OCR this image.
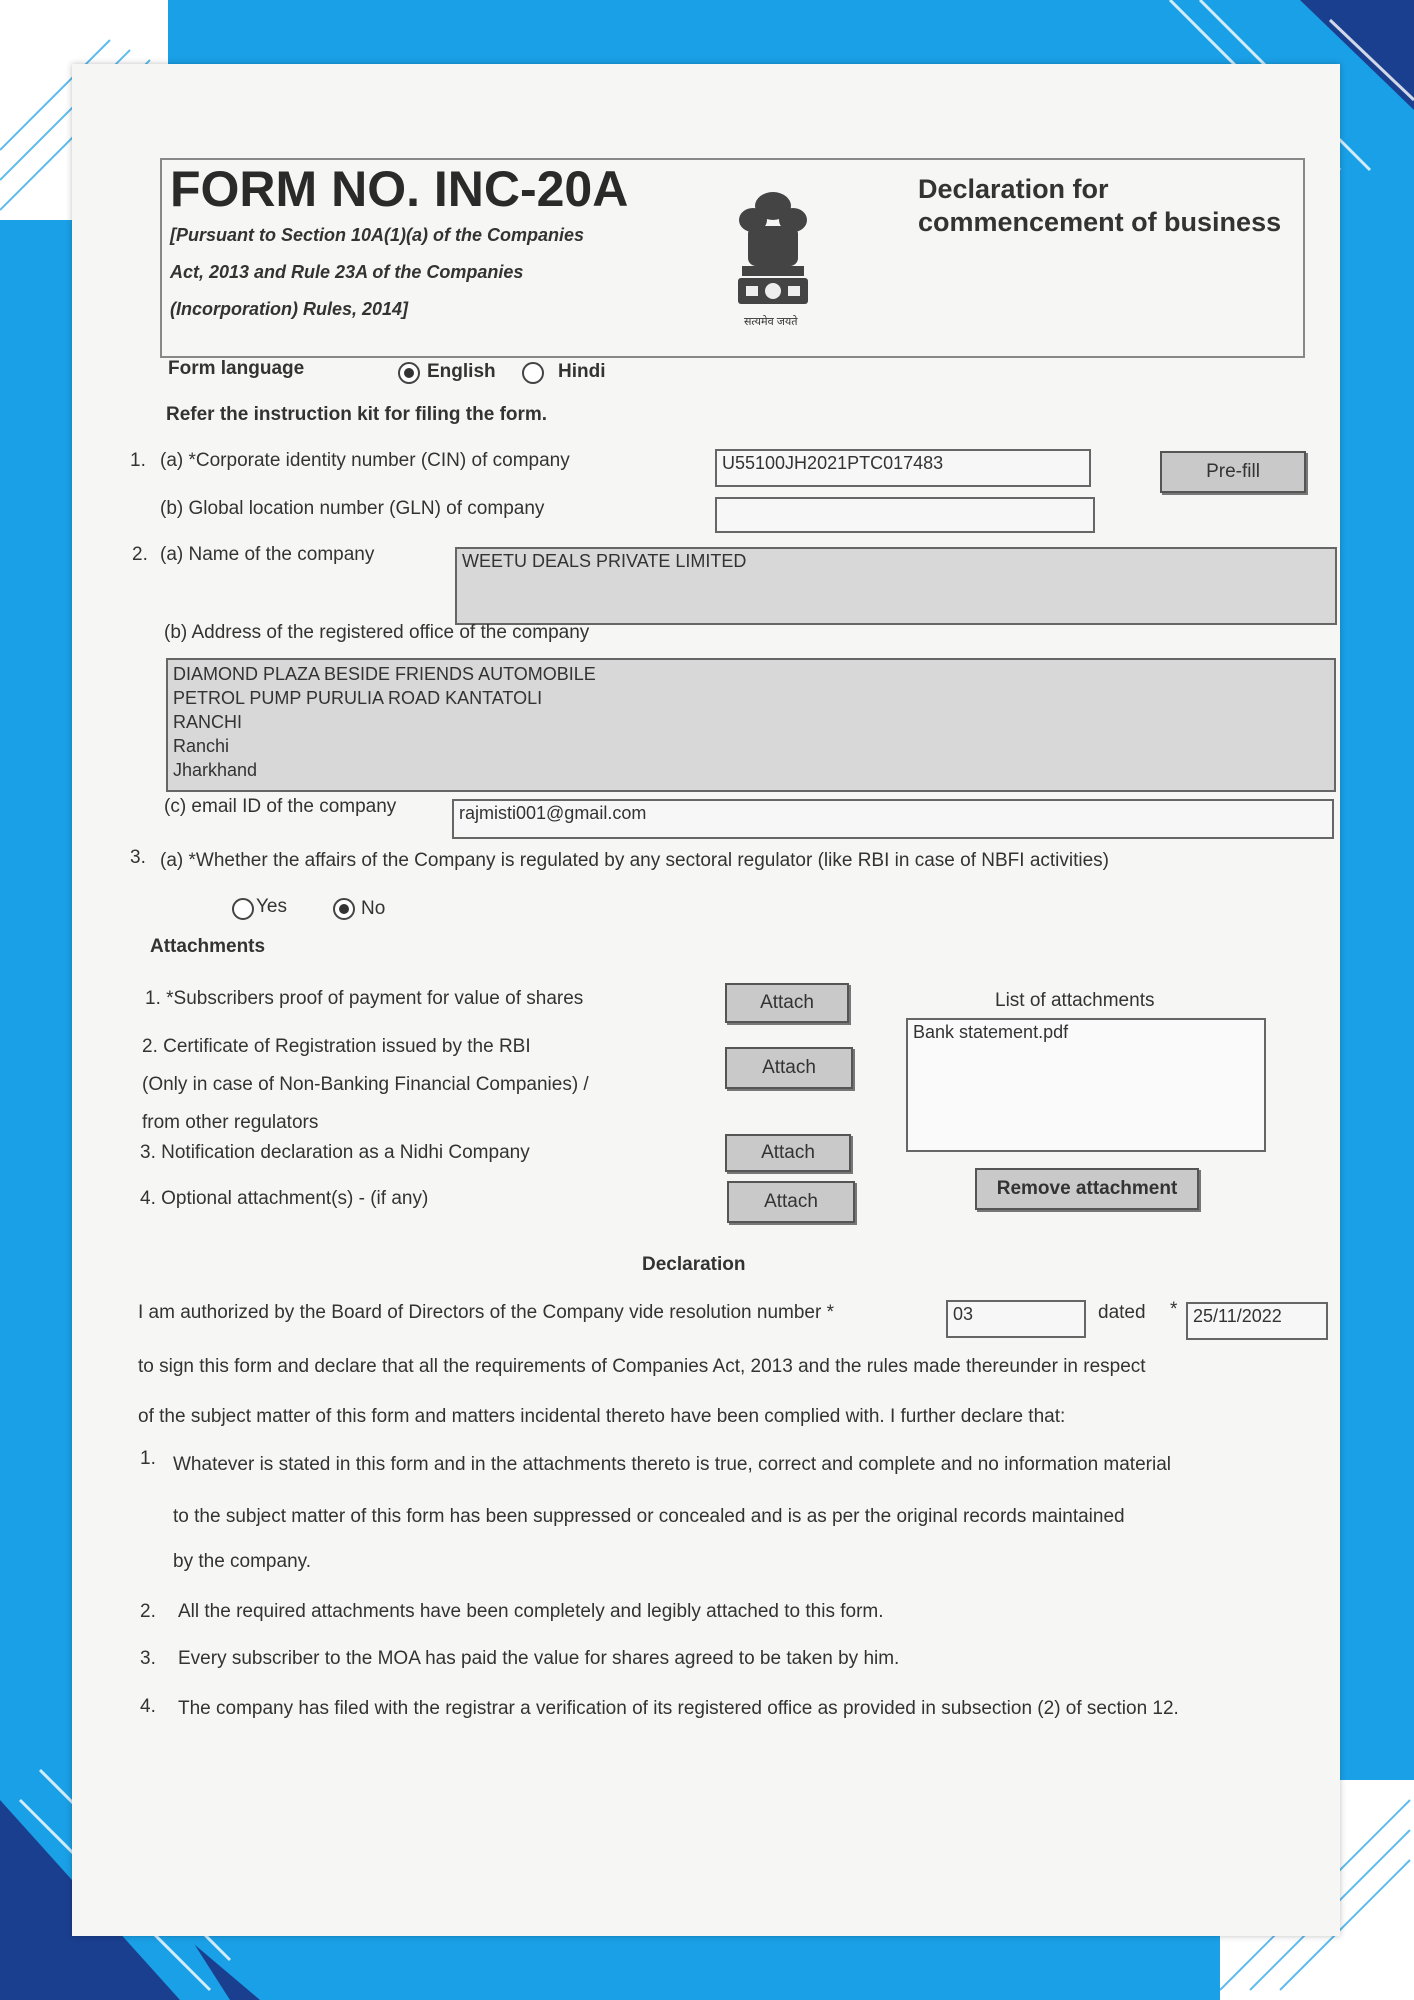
FORM NO. INC-20A
[Pursuant to Section 10A(1)(a) of the Companies
Act, 2013 and Rule 23A of the Companies
(Incorporation) Rules, 2014]
सत्यमेव जयते
Declaration for
commencement of business
Form language	English	Hindi
Refer the instruction kit for filing the form.
1. (a) *Corporate identity number (CIN) of company	U55100JH2021PTC017483	Pre-fill
(b) Global location number (GLN) of company
2. (a) Name of the company	WEETU DEALS PRIVATE LIMITED
(b) Address of the registered office of the company
DIAMOND PLAZA BESIDE FRIENDS AUTOMOBILE
PETROL PUMP PURULIA ROAD KANTATOLI
RANCHI
Ranchi
Jharkhand
(c) email ID of the company	rajmisti001@gmail.com
3. (a) *Whether the affairs of the Company is regulated by any sectoral regulator (like RBI in case of NBFI activities)
Yes	No
Attachments
1. *Subscribers proof of payment for value of shares	Attach
2. Certificate of Registration issued by the RBI
(Only in case of Non-Banking Financial Companies) /
from other regulators
Attach
3. Notification declaration as a Nidhi Company	Attach
4. Optional attachment(s) - (if any)	Attach
List of attachments
Bank statement.pdf
Remove attachment
Declaration
I am authorized by the Board of Directors of the Company vide resolution number *	03	dated * 25/11/2022
to sign this form and declare that all the requirements of Companies Act, 2013 and the rules made thereunder in respect
of the subject matter of this form and matters incidental thereto have been complied with. I further declare that:
1. Whatever is stated in this form and in the attachments thereto is true, correct and complete and no information material
to the subject matter of this form has been suppressed or concealed and is as per the original records maintained
by the company.
2. All the required attachments have been completely and legibly attached to this form.
3. Every subscriber to the MOA has paid the value for shares agreed to be taken by him.
4. The company has filed with the registrar a verification of its registered office as provided in subsection (2) of section 12.
